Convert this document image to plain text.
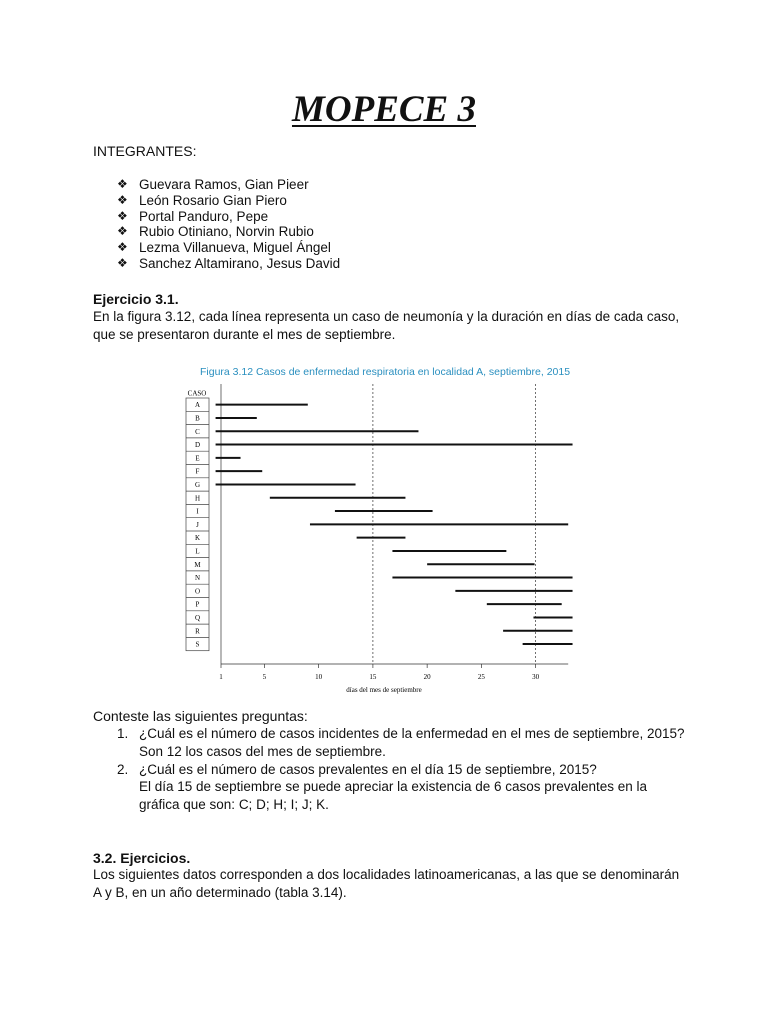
MOPECE 3

INTEGRANTES:

❖ Guevara Ramos, Gian Pieer
❖ León Rosario Gian Piero
❖ Portal Panduro, Pepe
❖ Rubio Otiniano, Norvin Rubio
❖ Lezma Villanueva, Miguel Ángel
❖ Sanchez Altamirano, Jesus David

Ejercicio 3.1.

En la figura 3.12, cada línea representa un caso de neumonía y la duración en días de cada caso, que se presentaron durante el mes de septiembre.

Figura 3.12 Casos de enfermedad respiratoria en localidad A, septiembre, 2015
CASO
días del mes de septiembre
A
B
C
D
E
F
G
H
I
J
K
L
M
N
O
P
Q
R
S
1	5	10	15	20	25	30

Conteste las siguientes preguntas:

1. ¿Cuál es el número de casos incidentes de la enfermedad en el mes de septiembre, 2015?
Son 12 los casos del mes de septiembre.
2. ¿Cuál es el número de casos prevalentes en el día 15 de septiembre, 2015?
El día 15 de septiembre se puede apreciar la existencia de 6 casos prevalentes en la gráfica que son: C; D; H; I; J; K.

3.2. Ejercicios.

Los siguientes datos corresponden a dos localidades latinoamericanas, a las que se denominarán A y B, en un año determinado (tabla 3.14).
